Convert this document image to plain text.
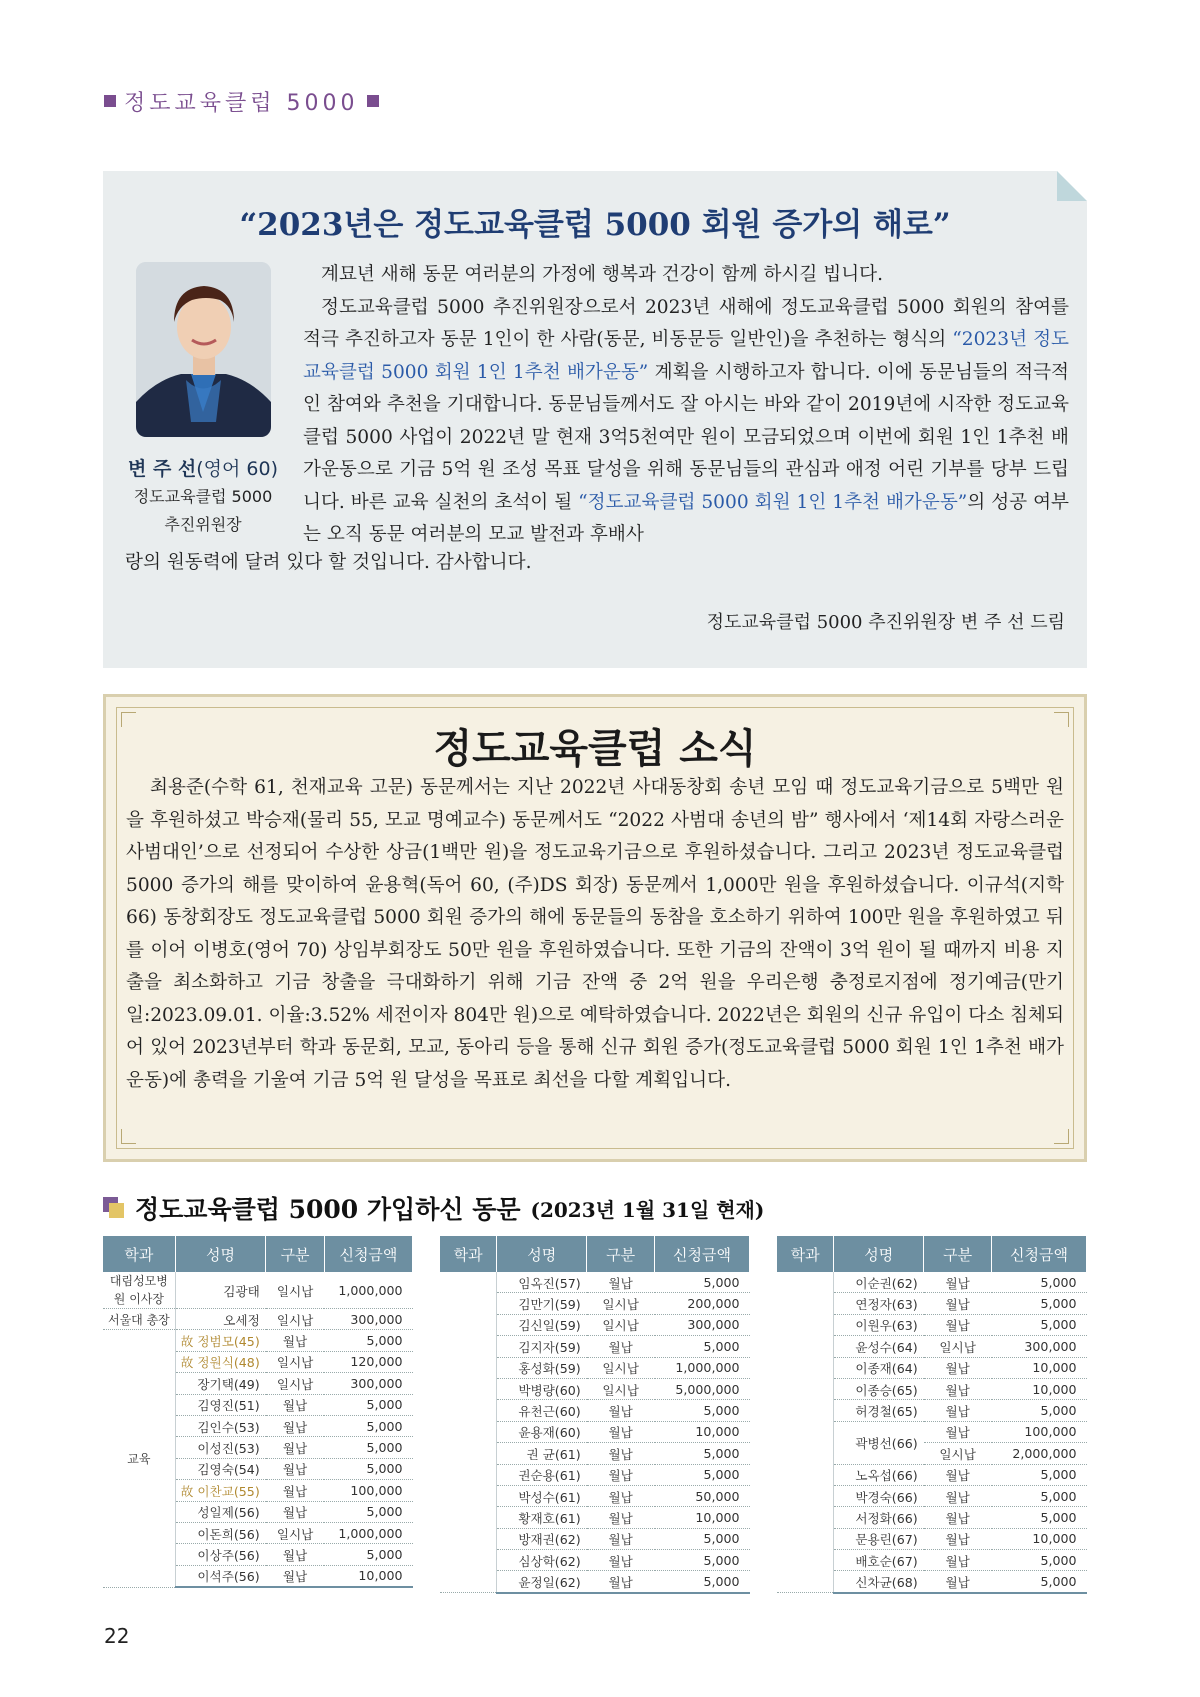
정도교육클럽 5000
“2023년은 정도교육클럽 5000 회원 증가의 해로”
변 주 선(영어 60)
정도교육클럽 5000
추진위원장

계묘년 새해 동문 여러분의 가정에 행복과 건강이 함께 하시길 빕니다.

정도교육클럽 5000 추진위원장으로서 2023년 새해에 정도교육클럽 5000 회원의 참여를 적극 추진하고자 동문 1인이 한 사람(동문, 비동문등 일반인)을 추천하는 형식의 “2023년 정도교육클럽 5000 회원 1인 1추천 배가운동” 계획을 시행하고자 합니다. 이에 동문님들의 적극적인 참여와 추천을 기대합니다. 동문님들께서도 잘 아시는 바와 같이 2019년에 시작한 정도교육클럽 5000 사업이 2022년 말 현재 3억5천여만 원이 모금되었으며 이번에 회원 1인 1추천 배가운동으로 기금 5억 원 조성 목표 달성을 위해 동문님들의 관심과 애정 어린 기부를 당부 드립니다. 바른 교육 실천의 초석이 될 “정도교육클럽 5000 회원 1인 1추천 배가운동”의 성공 여부는 오직 동문 여러분의 모교 발전과 후배사

랑의 원동력에 달려 있다 할 것입니다. 감사합니다.
정도교육클럽 5000 추진위원장 변 주 선 드림
정도교육클럽 소식

최용준(수학 61, 천재교육 고문) 동문께서는 지난 2022년 사대동창회 송년 모임 때 정도교육기금으로 5백만 원을 후원하셨고 박승재(물리 55, 모교 명예교수) 동문께서도 “2022 사범대 송년의 밤” 행사에서 ‘제14회 자랑스러운 사범대인’으로 선정되어 수상한 상금(1백만 원)을 정도교육기금으로 후원하셨습니다. 그리고 2023년 정도교육클럽 5000 증가의 해를 맞이하여 윤용혁(독어 60, (주)DS 회장) 동문께서 1,000만 원을 후원하셨습니다. 이규석(지학 66) 동창회장도 정도교육클럽 5000 회원 증가의 해에 동문들의 동참을 호소하기 위하여 100만 원을 후원하였고 뒤를 이어 이병호(영어 70) 상임부회장도 50만 원을 후원하였습니다. 또한 기금의 잔액이 3억 원이 될 때까지 비용 지출을 최소화하고 기금 창출을 극대화하기 위해 기금 잔액 중 2억 원을 우리은행 충정로지점에 정기예금(만기일:2023.09.01. 이율:3.52% 세전이자 804만 원)으로 예탁하였습니다. 2022년은 회원의 신규 유입이 다소 침체되어 있어 2023년부터 학과 동문회, 모교, 동아리 등을 통해 신규 회원 증가(정도교육클럽 5000 회원 1인 1추천 배가운동)에 총력을 기울여 기금 5억 원 달성을 목표로 최선을 다할 계획입니다.

정도교육클럽 5000 가입하신 동문 (2023년 1월 31일 현재)
학과	성명	구분	신청금액
대림성모병원 이사장	김광태	일시납	1,000,000

서울대 총장	오세정	일시납	300,000
교육	故 정범모(45)	월납	5,000
	故 정원식(48)	일시납	120,000
	장기택(49)	일시납	300,000
	김영진(51)	월납	5,000
	김인수(53)	월납	5,000
	이성진(53)	월납	5,000
	김영숙(54)	월납	5,000
	故 이찬교(55)	월납	100,000
	성일제(56)	월납	5,000
	이돈희(56)	일시납	1,000,000
	이상주(56)	월납	5,000
	이석주(56)	월납	10,000
학과	성명	구분	신청금액
	임옥진(57)	월납	5,000
	김만기(59)	일시납	200,000
	김신일(59)	일시납	300,000
	김지자(59)	월납	5,000
	홍성화(59)	일시납	1,000,000
	박병량(60)	일시납	5,000,000
	유천근(60)	월납	5,000
	윤용재(60)	월납	10,000
	권 균(61)	월납	5,000
	권순용(61)	월납	5,000
	박성수(61)	월납	50,000
	황재호(61)	월납	10,000
	방재권(62)	월납	5,000
	심상학(62)	월납	5,000
	윤정일(62)	월납	5,000
학과	성명	구분	신청금액
	이순권(62)	월납	5,000
	연정자(63)	월납	5,000
	이원우(63)	월납	5,000
	윤성수(64)	일시납	300,000
	이종재(64)	월납	10,000
	이종승(65)	월납	10,000
	허경철(65)	월납	5,000
	곽병선(66)	월납	100,000
		일시납	2,000,000
	노옥섭(66)	월납	5,000
	박경숙(66)	월납	5,000
	서정화(66)	월납	5,000
	문용린(67)	월납	10,000
	배호순(67)	월납	5,000
	신차균(68)	월납	5,000
22
